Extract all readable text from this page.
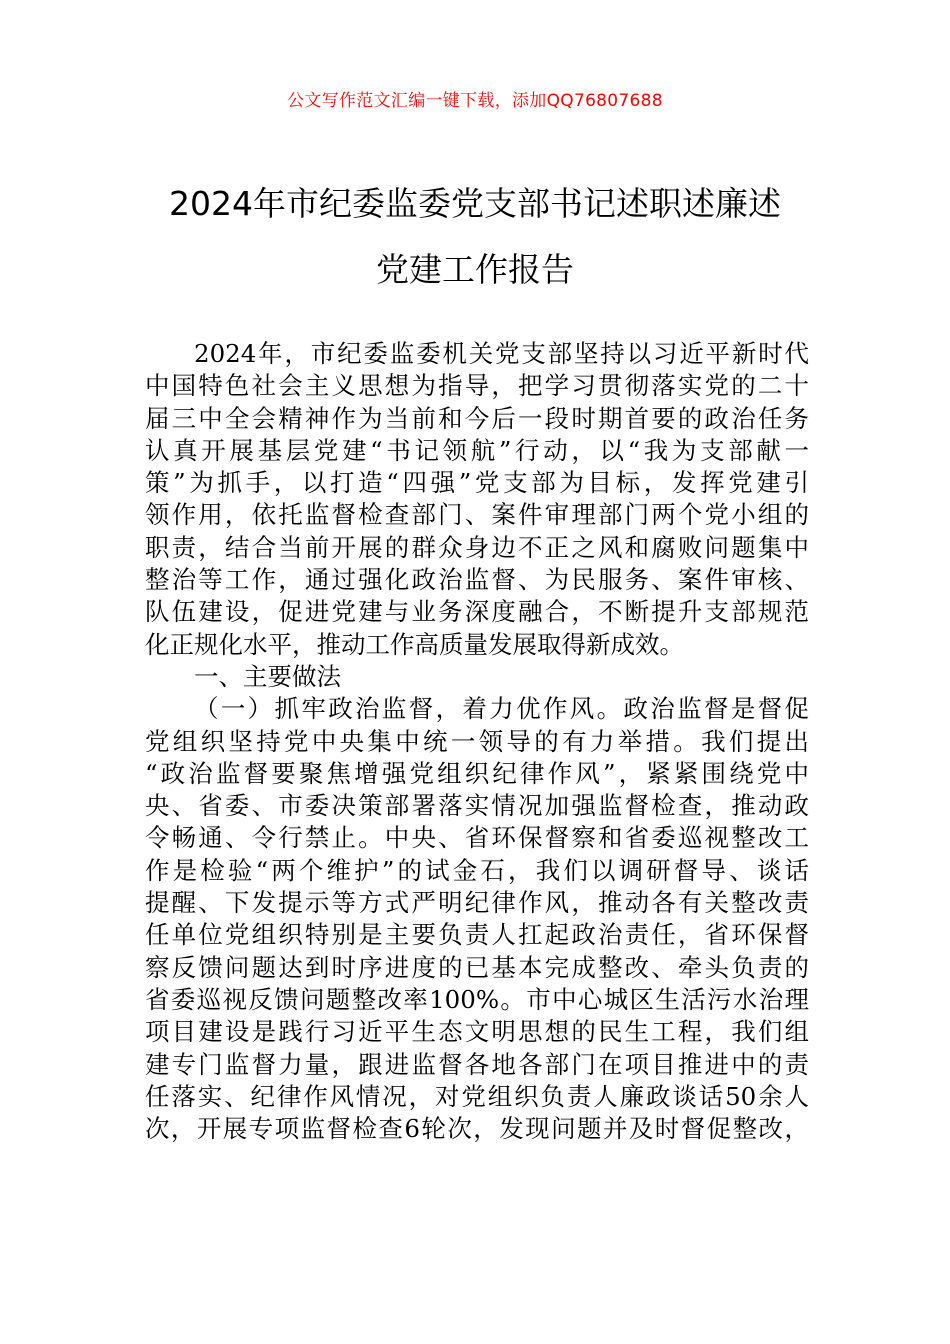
公文写作范文汇编一键下载，添加QQ76807688
2024年市纪委监委党支部书记述职述廉述
党建工作报告

2024年，市纪委监委机关党支部坚持以习近平新时代
中国特色社会主义思想为指导，把学习贯彻落实党的二十
届三中全会精神作为当前和今后一段时期首要的政治任务
认真开展基层党建“书记领航”行动，以“我为支部献一
策”为抓手，以打造“四强”党支部为目标，发挥党建引
领作用，依托监督检查部门、案件审理部门两个党小组的
职责，结合当前开展的群众身边不正之风和腐败问题集中
整治等工作，通过强化政治监督、为民服务、案件审核、
队伍建设，促进党建与业务深度融合，不断提升支部规范
化正规化水平，推动工作高质量发展取得新成效。

一、主要做法

（一）抓牢政治监督，着力优作风。政治监督是督促
党组织坚持党中央集中统一领导的有力举措。我们提出
“政治监督要聚焦增强党组织纪律作风”，紧紧围绕党中
央、省委、市委决策部署落实情况加强监督检查，推动政
令畅通、令行禁止。中央、省环保督察和省委巡视整改工
作是检验“两个维护”的试金石，我们以调研督导、谈话
提醒、下发提示等方式严明纪律作风，推动各有关整改责
任单位党组织特别是主要负责人扛起政治责任，省环保督
察反馈问题达到时序进度的已基本完成整改、牵头负责的
省委巡视反馈问题整改率100%。市中心城区生活污水治理
项目建设是践行习近平生态文明思想的民生工程，我们组
建专门监督力量，跟进监督各地各部门在项目推进中的责
任落实、纪律作风情况，对党组织负责人廉政谈话50余人
次，开展专项监督检查6轮次，发现问题并及时督促整改，
